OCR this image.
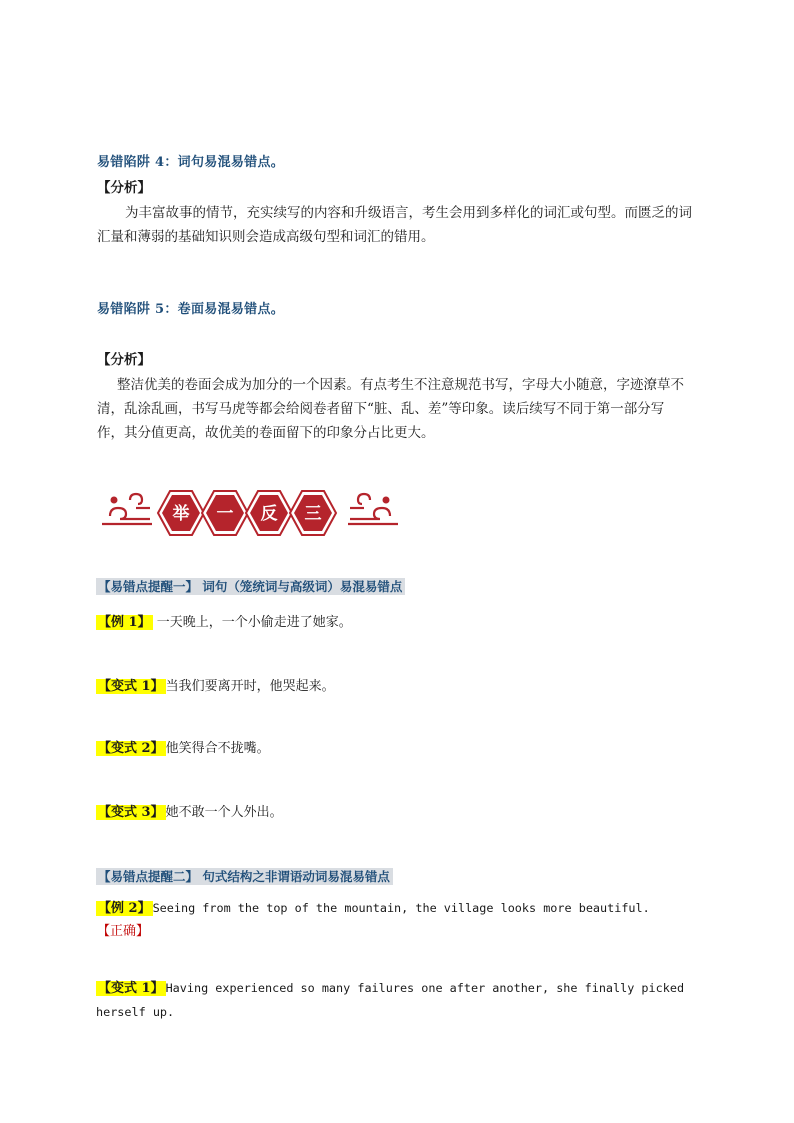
易错陷阱 4：词句易混易错点。
【分析】
为丰富故事的情节，充实续写的内容和升级语言，考生会用到多样化的词汇或句型。而匮乏的词汇量和薄弱的基础知识则会造成高级句型和词汇的错用。
易错陷阱 5：卷面易混易错点。
【分析】
整洁优美的卷面会成为加分的一个因素。有点考生不注意规范书写，字母大小随意，字迹潦草不清，乱涂乱画，书写马虎等都会给阅卷者留下“脏、乱、差”等印象。读后续写不同于第一部分写作，其分值更高，故优美的卷面留下的印象分占比更大。
举 一 反 三
【易错点提醒一】 词句（笼统词与高级词）易混易错点
【例 1】 一天晚上，一个小偷走进了她家。
【变式 1】 当我们要离开时，他哭起来。
【变式 2】 他笑得合不拢嘴。
【变式 3】 她不敢一个人外出。
【易错点提醒二】 句式结构之非谓语动词易混易错点
【例 2】 Seeing from the top of the mountain, the village looks more beautiful.
【正确】
【变式 1】 Having experienced so many failures one after another, she finally picked
herself up.
